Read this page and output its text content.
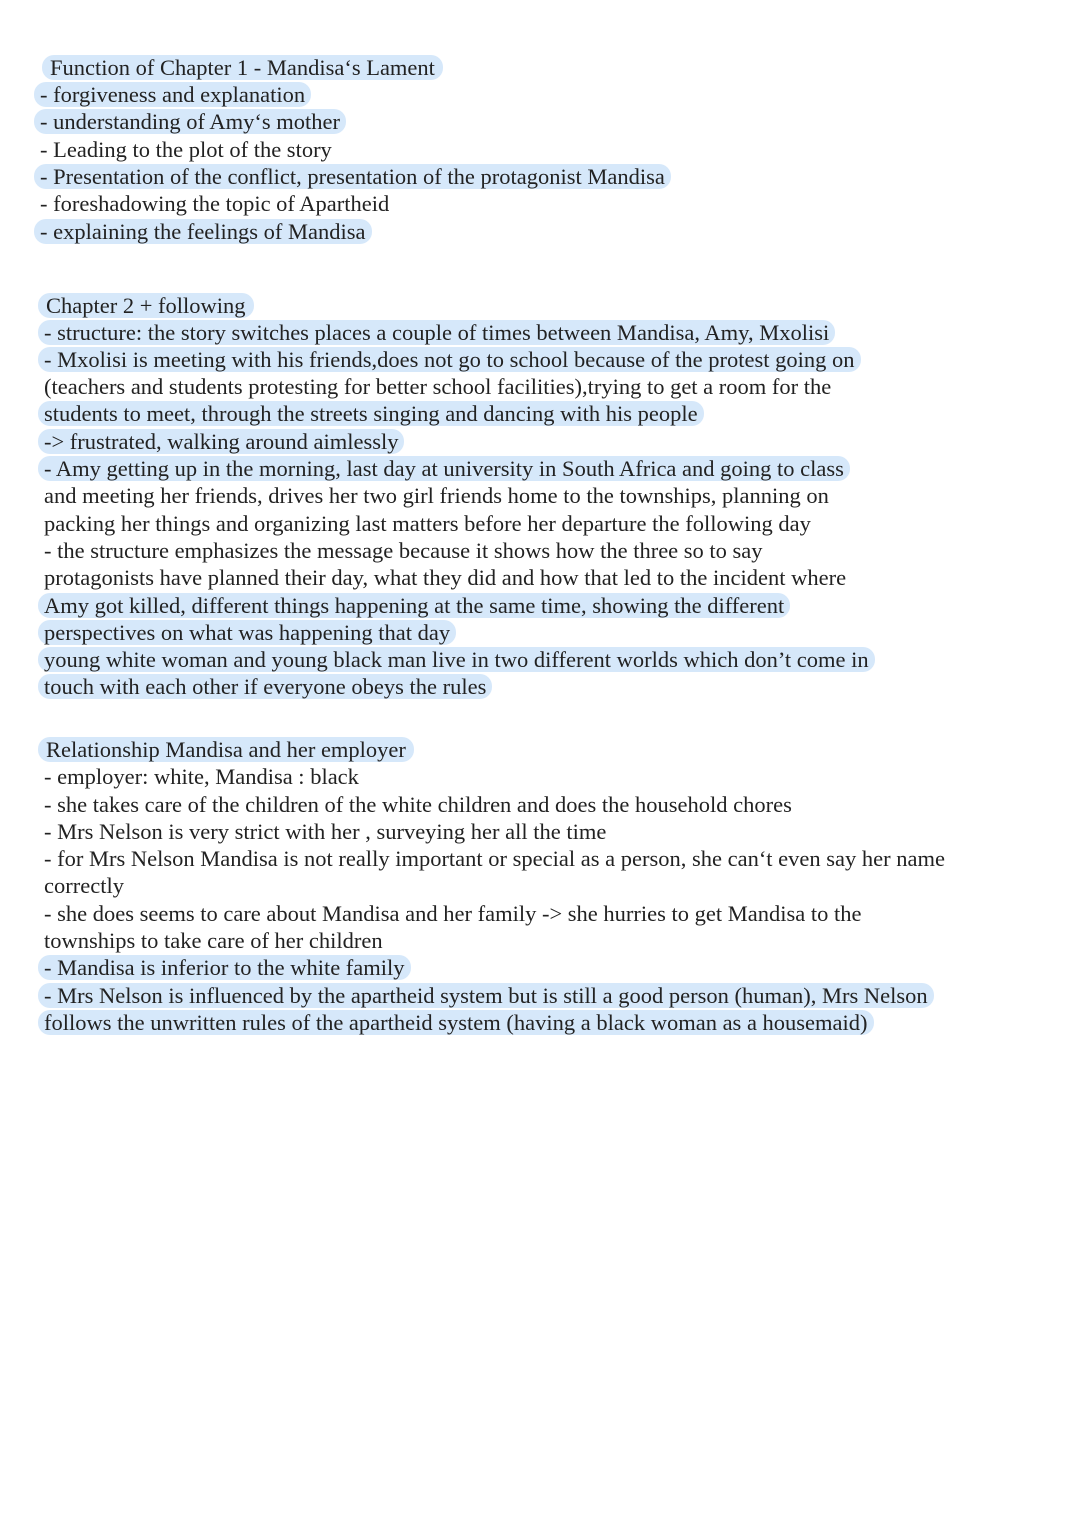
Function of Chapter 1 - Mandisa‘s Lament
- forgiveness and explanation
- understanding of Amy‘s mother
- Leading to the plot of the story
- Presentation of the conflict, presentation of the protagonist Mandisa
- foreshadowing the topic of Apartheid
- explaining the feelings of Mandisa
Chapter 2 + following
- structure: the story switches places a couple of times between Mandisa, Amy, Mxolisi
- Mxolisi is meeting with his friends,does not go to school because of the protest going on
(teachers and students protesting for better school facilities),trying to get a room for the
students to meet, through the streets singing and dancing with his people
-> frustrated, walking around aimlessly
- Amy getting up in the morning, last day at university in South Africa and going to class
and meeting her friends, drives her two girl friends home to the townships, planning on
packing her things and organizing last matters before her departure the following day
- the structure emphasizes the message because it shows how the three so to say
protagonists have planned their day, what they did and how that led to the incident where
Amy got killed, different things happening at the same time, showing the different
perspectives on what was happening that day
young white woman and young black man live in two different worlds which don’t come in
touch with each other if everyone obeys the rules
Relationship Mandisa and her employer
- employer: white, Mandisa : black
- she takes care of the children of the white children and does the household chores
- Mrs Nelson is very strict with her , surveying her all the time
- for Mrs Nelson Mandisa is not really important or special as a person, she can‘t even say her name
correctly
- she does seems to care about Mandisa and her family -> she hurries to get Mandisa to the
townships to take care of her children
- Mandisa is inferior to the white family
- Mrs Nelson is influenced by the apartheid system but is still a good person (human), Mrs Nelson
follows the unwritten rules of the apartheid system (having a black woman as a housemaid)
